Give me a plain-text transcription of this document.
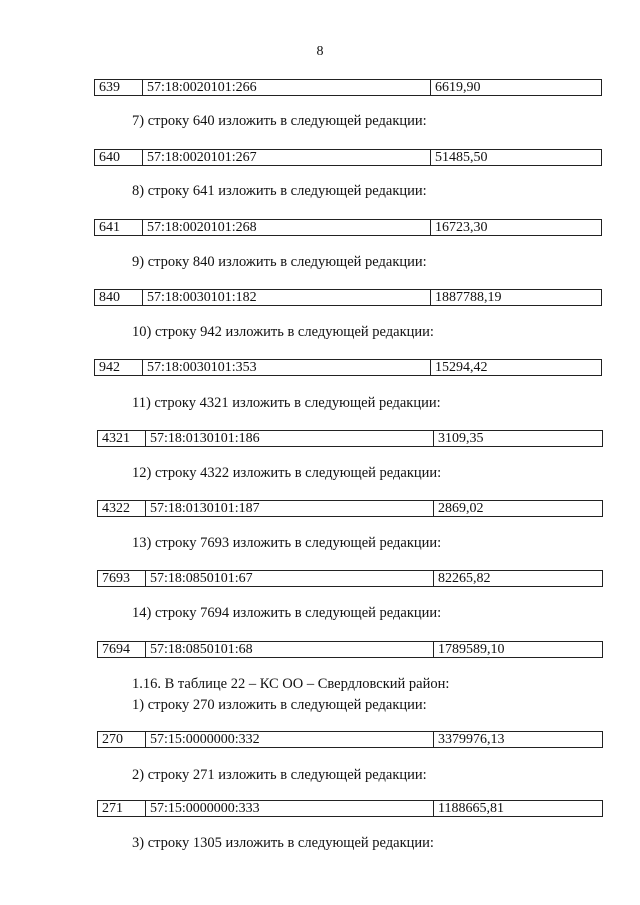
8
639	57:18:0020101:266	6619,90
7) строку 640 изложить в следующей редакции:
640	57:18:0020101:267	51485,50
8) строку 641 изложить в следующей редакции:
641	57:18:0020101:268	16723,30
9) строку 840 изложить в следующей редакции:
840	57:18:0030101:182	1887788,19
10) строку 942 изложить в следующей редакции:
942	57:18:0030101:353	15294,42
11) строку 4321 изложить в следующей редакции:
4321	57:18:0130101:186	3109,35
12) строку 4322 изложить в следующей редакции:
4322	57:18:0130101:187	2869,02
13) строку 7693 изложить в следующей редакции:
7693	57:18:0850101:67	82265,82
14) строку 7694 изложить в следующей редакции:
7694	57:18:0850101:68	1789589,10
1.16. В таблице 22 – КС ОО – Свердловский район:
1) строку 270 изложить в следующей редакции:
270	57:15:0000000:332	3379976,13
2) строку 271 изложить в следующей редакции:
271	57:15:0000000:333	1188665,81
3) строку 1305 изложить в следующей редакции:
